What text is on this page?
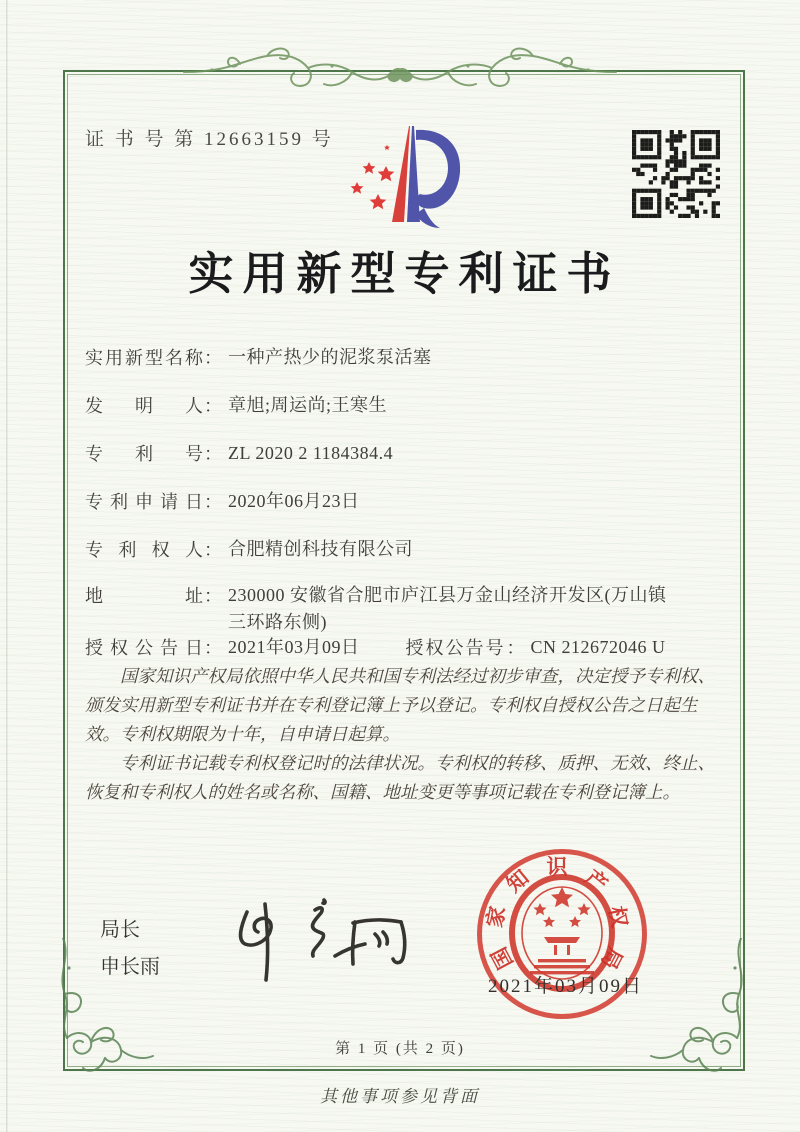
证 书 号 第 12663159 号
实用新型专利证书
实用新型名称 ： 一种产热少的泥浆泵活塞
发明人 ： 章旭;周运尚;王寒生
专利号 ： ZL 2020 2 1184384.4
专利申请日 ： 2020年06月23日
专利权人 ： 合肥精创科技有限公司
地址 ： 230000 安徽省合肥市庐江县万金山经济开发区(万山镇三环路东侧)
授权公告日 ： 2021年03月09日	授权公告号 ： CN 212672046 U

国家知识产权局依照中华人民共和国专利法经过初步审查，决定授予专利权、颁发实用新型专利证书并在专利登记簿上予以登记。专利权自授权公告之日起生效。专利权期限为十年，自申请日起算。

专利证书记载专利权登记时的法律状况。专利权的转移、质押、无效、终止、恢复和专利权人的姓名或名称、国籍、地址变更等事项记载在专利登记簿上。

局长
申长雨	国
家
知 识 产
权
局
2021年03月09日
第 1 页 (共 2 页)
其他事项参见背面
